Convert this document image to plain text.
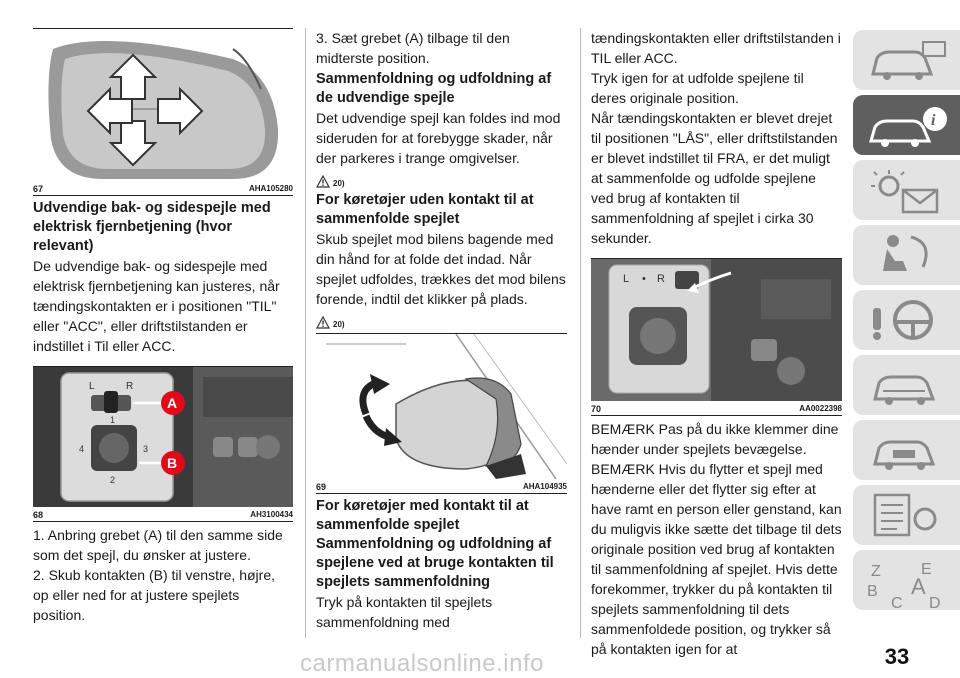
67	AHA105280

Udvendige bak- og sidespejle med elektrisk fjernbetjening (hvor relevant)

De udvendige bak- og sidespejle med elektrisk fjernbetjening kan justeres, når tændingskontakten er i positionen "TIL" eller "ACC", eller driftstilstanden er indstillet i Til eller ACC.

L	R
1
2
3
4
A
B
68	AH3100434

1. Anbring grebet (A) til den samme side som det spejl, du ønsker at justere.

2. Skub kontakten (B) til venstre, højre, op eller ned for at justere spejlets position.

3. Sæt grebet (A) tilbage til den midterste position.

Sammenfoldning og udfoldning af de udvendige spejle

Det udvendige spejl kan foldes ind mod sideruden for at forebygge skader, når der parkeres i trange omgivelser.

20)

For køretøjer uden kontakt til at sammenfolde spejlet

Skub spejlet mod bilens bagende med din hånd for at folde det indad. Når spejlet udfoldes, trækkes det mod bilens forende, indtil det klikker på plads.

20)
69	AHA104935

For køretøjer med kontakt til at sammenfolde spejlet

Sammenfoldning og udfoldning af spejlene ved at bruge kontakten til spejlets sammenfoldning

Tryk på kontakten til spejlets sammenfoldning med

tændingskontakten eller driftstilstanden i TIL eller ACC.

Tryk igen for at udfolde spejlene til deres originale position.

Når tændingskontakten er blevet drejet til positionen "LÅS", eller driftstilstanden er blevet indstillet til FRA, er det muligt at sammenfolde og udfolde spejlene ved brug af kontakten til sammenfoldning af spejlet i cirka 30 sekunder.

L • R
70	AA0022398

BEMÆRK Pas på du ikke klemmer dine hænder under spejlets bevægelse.

BEMÆRK Hvis du flytter et spejl med hænderne eller det flytter sig efter at have ramt en person eller genstand, kan du muligvis ikke sætte det tilbage til dets originale position ved brug af kontakten til sammenfoldning af spejlet. Hvis dette forekommer, trykker du på kontakten til spejlets sammenfoldning til dets sammenfoldede position, og trykker så på kontakten igen for at

i
Z	E
B A
C D
33
carmanualsonline.info
